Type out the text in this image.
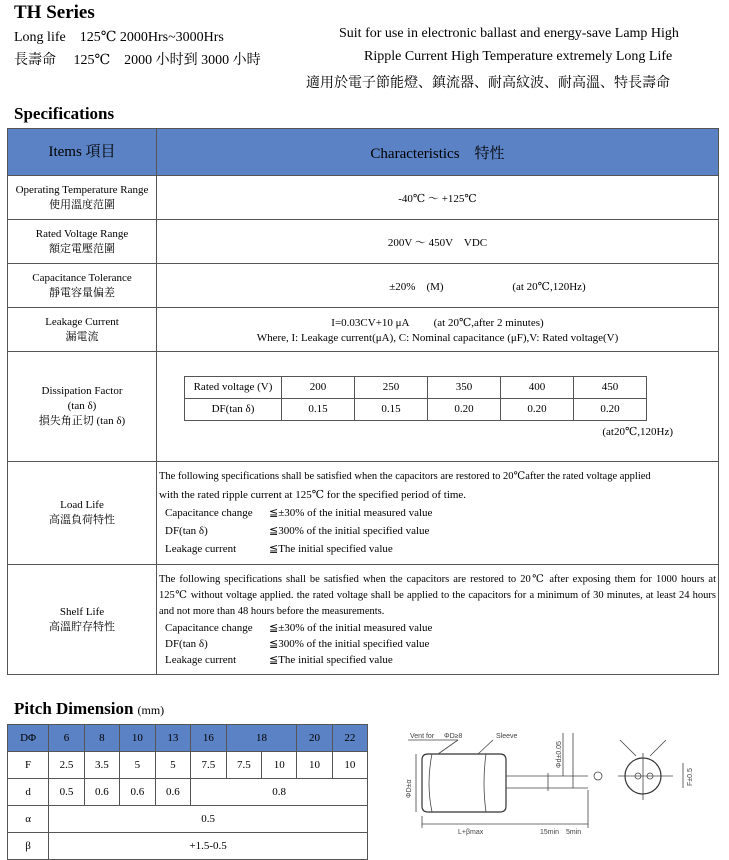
TH Series
Long life　125℃ 2000Hrs~3000Hrs	Suit for use in electronic ballast and energy-save Lamp High
長壽命　 125℃　2000 小时到 3000 小時	Ripple Current High Temperature extremely Long Life
適用於電子節能燈、鎮流器、耐高紋波、耐高溫、特長壽命
Specifications
Items 項目	Characteristics　特性

Operating Temperature Range
使用溫度范圍	-40℃ ～ +125℃

Rated Voltage Range
額定電壓范圍	200V ～ 450V　VDC

Capacitance Tolerance
靜電容量偏差	±20%　(M)	(at 20℃,120Hz)

Leakage Current
漏電流

I=0.03CV+10 μA (at 20℃,after 2 minutes)
Where, I: Leakage current(μA), C: Nominal capacitance (μF),V: Rated voltage(V)

Dissipation Factor
(tan δ)
損失角正切 (tan δ)

Rated voltage (V)	200	250	350	400	450
DF(tan δ)	0.15	0.15	0.20	0.20	0.20
(at20℃,120Hz)

Load Life
高溫負荷特性

The following specifications shall be satisfied when the capacitors are restored to 20℃after the rated voltage applied
with the rated ripple current at 125℃ for the specified period of time.
Capacitance change	≦±30% of the initial measured value
DF(tan δ)	≦300% of the initial specified value
Leakage current	≦The initial specified value

Shelf Life
高溫貯存特性

The following specifications shall be satisfied when the capacitors are restored to 20℃ after exposing them for 1000 hours at 125℃ without voltage applied. the rated voltage shall be applied to the capacitors for a minimum of 30 minutes, at least 24 hours and not more than 48 hours before the measurements.
Capacitance change	≦±30% of the initial measured value
DF(tan δ)	≦300% of the initial specified value
Leakage current	≦The initial specified value
Pitch Dimension (mm)
DΦ	6	8	10	13	16	18		20	22
F	2.5	3.5	5	5	7.5	7.5	10	10	10
d	0.5	0.6	0.6	0.6	0.8				
α	0.5								
β	+1.5-0.5								
Vent for ΦD≥8	Sleeve
ΦD±α
Φd±0.05
F±0.5
L+βmax	15min 5min
